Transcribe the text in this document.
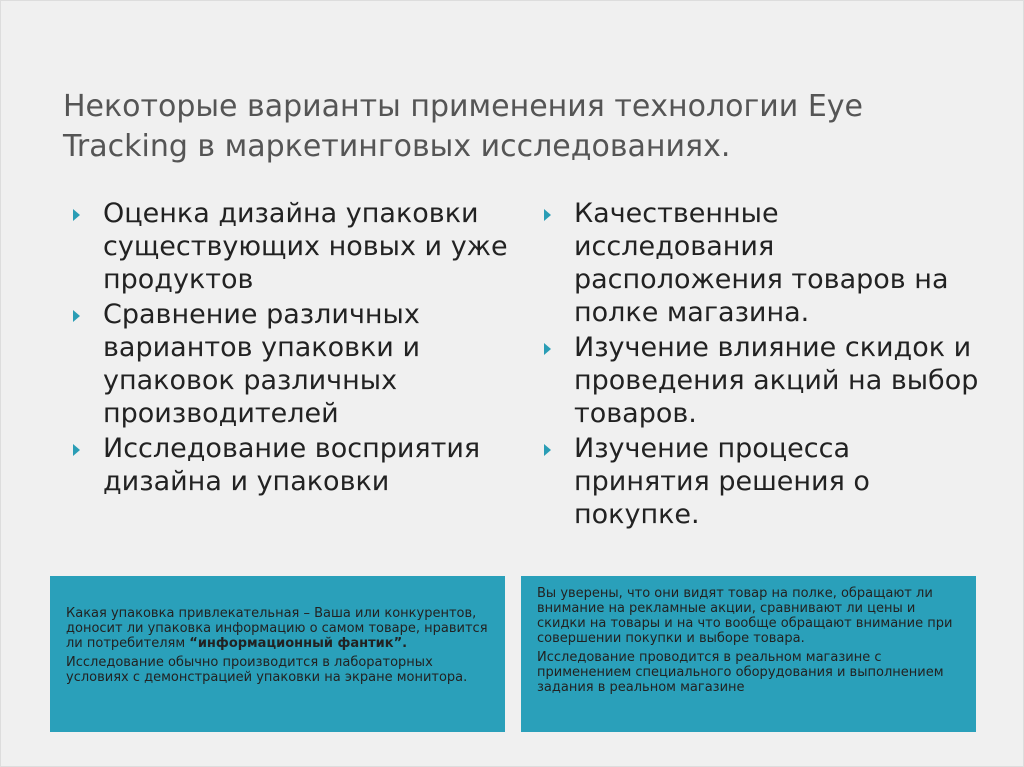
Некоторые варианты применения технологии Eye Tracking в маркетинговых исследованиях.
Оценка дизайна упаковки существующих новых и уже продуктов
Сравнение различных вариантов упаковки и упаковок различных производителей
Исследование восприятия дизайна и упаковки
Качественные исследования расположения товаров на полке магазина.
Изучение влияние скидок и проведения акций на выбор товаров.
Изучение процесса принятия решения о покупке.

Какая упаковка привлекательная – Ваша или конкурентов, доносит ли упаковка информацию о самом товаре, нравится ли потребителям “информационный фантик”.

Исследование обычно производится в лабораторных условиях с демонстрацией упаковки на экране монитора.

Вы уверены, что они видят товар на полке, обращают ли внимание на рекламные акции, сравнивают ли цены и скидки на товары и на что вообще обращают внимание при совершении покупки и выборе товара.

Исследование проводится в реальном магазине с применением специального оборудования и выполнением задания в реальном магазине
